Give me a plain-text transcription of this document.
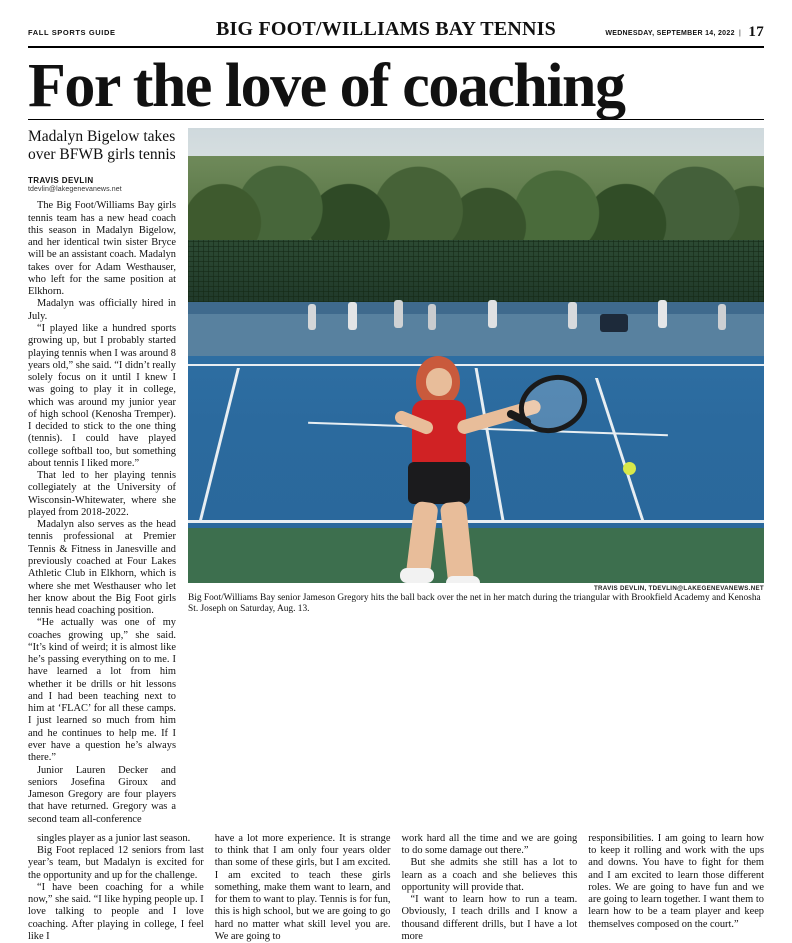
FALL SPORTS GUIDE	BIG FOOT/WILLIAMS BAY TENNIS	WEDNESDAY, SEPTEMBER 14, 2022 | 17
For the love of coaching
Madalyn Bigelow takes over BFWB girls tennis
TRAVIS DEVLIN
tdevlin@lakegenevanews.net

The Big Foot/Williams Bay girls tennis team has a new head coach this season in Madalyn Bigelow, and her identical twin sister Bryce will be an assistant coach. Madalyn takes over for Adam Westhauser, who left for the same position at Elkhorn.

Madalyn was officially hired in July.

“I played like a hundred sports growing up, but I probably started playing tennis when I was around 8 years old,” she said. “I didn’t really solely focus on it until I knew I was going to play it in college, which was around my junior year of high school (Kenosha Tremper). I decided to stick to the one thing (tennis). I could have played college softball too, but something about tennis I liked more.”

That led to her playing tennis collegiately at the University of Wisconsin-Whitewater, where she played from 2018-2022.

Madalyn also serves as the head tennis professional at Premier Tennis & Fitness in Janesville and previously coached at Four Lakes Athletic Club in Elkhorn, which is where she met Westhauser who let her know about the Big Foot girls tennis head coaching position.

“He actually was one of my coaches growing up,” she said. “It’s kind of weird; it is almost like he’s passing everything on to me. I have learned a lot from him whether it be drills or hit lessons and I had been teaching next to him at ‘FLAC’ for all these camps. I just learned so much from him and he continues to help me. If I ever have a question he’s always there.”

Junior Lauren Decker and seniors Josefina Giroux and Jameson Gregory are four players that have returned. Gregory was a second team all-conference

TRAVIS DEVLIN, TDEVLIN@LAKEGENEVANEWS.NET
Big Foot/Williams Bay senior Jameson Gregory hits the ball back over the net in her match during the triangular with Brookfield Academy and Kenosha St. Joseph on Saturday, Aug. 13.

singles player as a junior last season.

Big Foot replaced 12 seniors from last year’s team, but Madalyn is excited for the opportunity and up for the challenge.

“I have been coaching for a while now,” she said. “I like hyping people up. I love talking to people and I love coaching. After playing in college, I feel like I

have a lot more experience. It is strange to think that I am only four years older than some of these girls, but I am excited. I am excited to teach these girls something, make them want to learn, and for them to want to play. Tennis is for fun, this is high school, but we are going to go hard no matter what skill level you are. We are going to

work hard all the time and we are going to do some damage out there.”

But she admits she still has a lot to learn as a coach and she believes this opportunity will provide that.

“I want to learn how to run a team. Obviously, I teach drills and I know a thousand different drills, but I have a lot more

responsibilities. I am going to learn how to keep it rolling and work with the ups and downs. You have to fight for them and I am excited to learn those different roles. We are going to have fun and we are going to learn together. I want them to learn how to be a team player and keep themselves composed on the court.”
